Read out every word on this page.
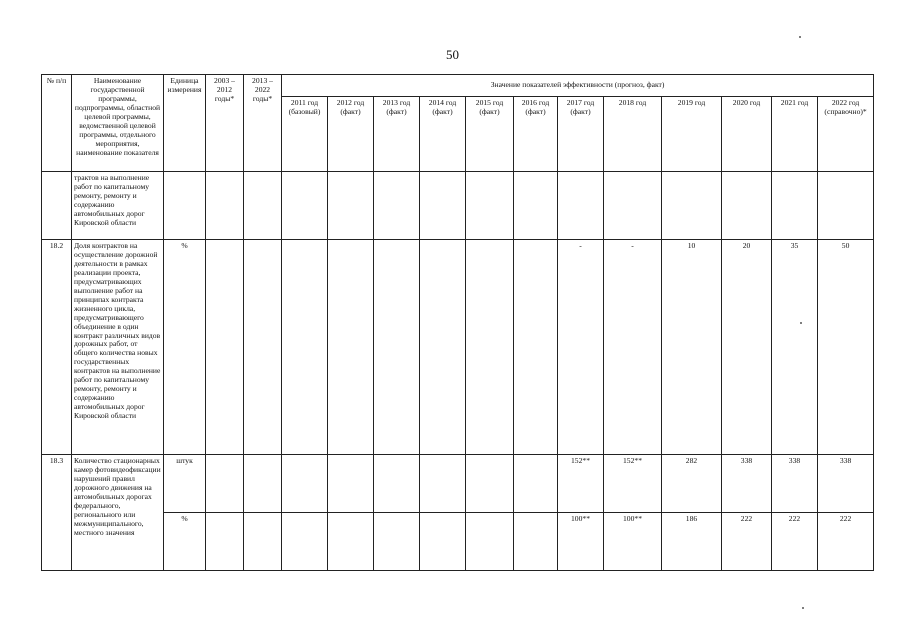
50
№ п/п	Наименование государственной программы, подпрограммы, областной целевой программы, ведомственной целевой программы, отдельного мероприятия, наименование показателя	Единица измерения	2003 – 2012 годы*	2013 – 2022 годы*	Значение показателей эффективности (прогноз, факт)											
					2011 год (базовый)	2012 год (факт)	2013 год (факт)	2014 год (факт)	2015 год (факт)	2016 год (факт)	2017 год (факт)	2018 год	2019 год	2020 год	2021 год	2022 год (справочно)*
	трактов на выполнение работ по капитальному ремонту, ремонту и содержанию автомобильных дорог Кировской области															
18.2	Доля контрактов на осуществление дорожной деятельности в рамках реализации проекта, предусматривающих выполнение работ на принципах контракта жизненного цикла, предусматривающего объединение в один контракт различных видов дорожных работ, от общего количества новых государственных контрактов на выполнение работ по капитальному ремонту, ремонту и содержанию автомобильных дорог Кировской области	%									-	-	10	20	35	50
18.3	Количество стационарных камер фотовидеофиксации нарушений правил дорожного движения на автомобильных дорогах федерального, регионального или межмуниципального, местного значения	штук									152**	152**	282	338	338	338
		%									100**	100**	186	222	222	222
